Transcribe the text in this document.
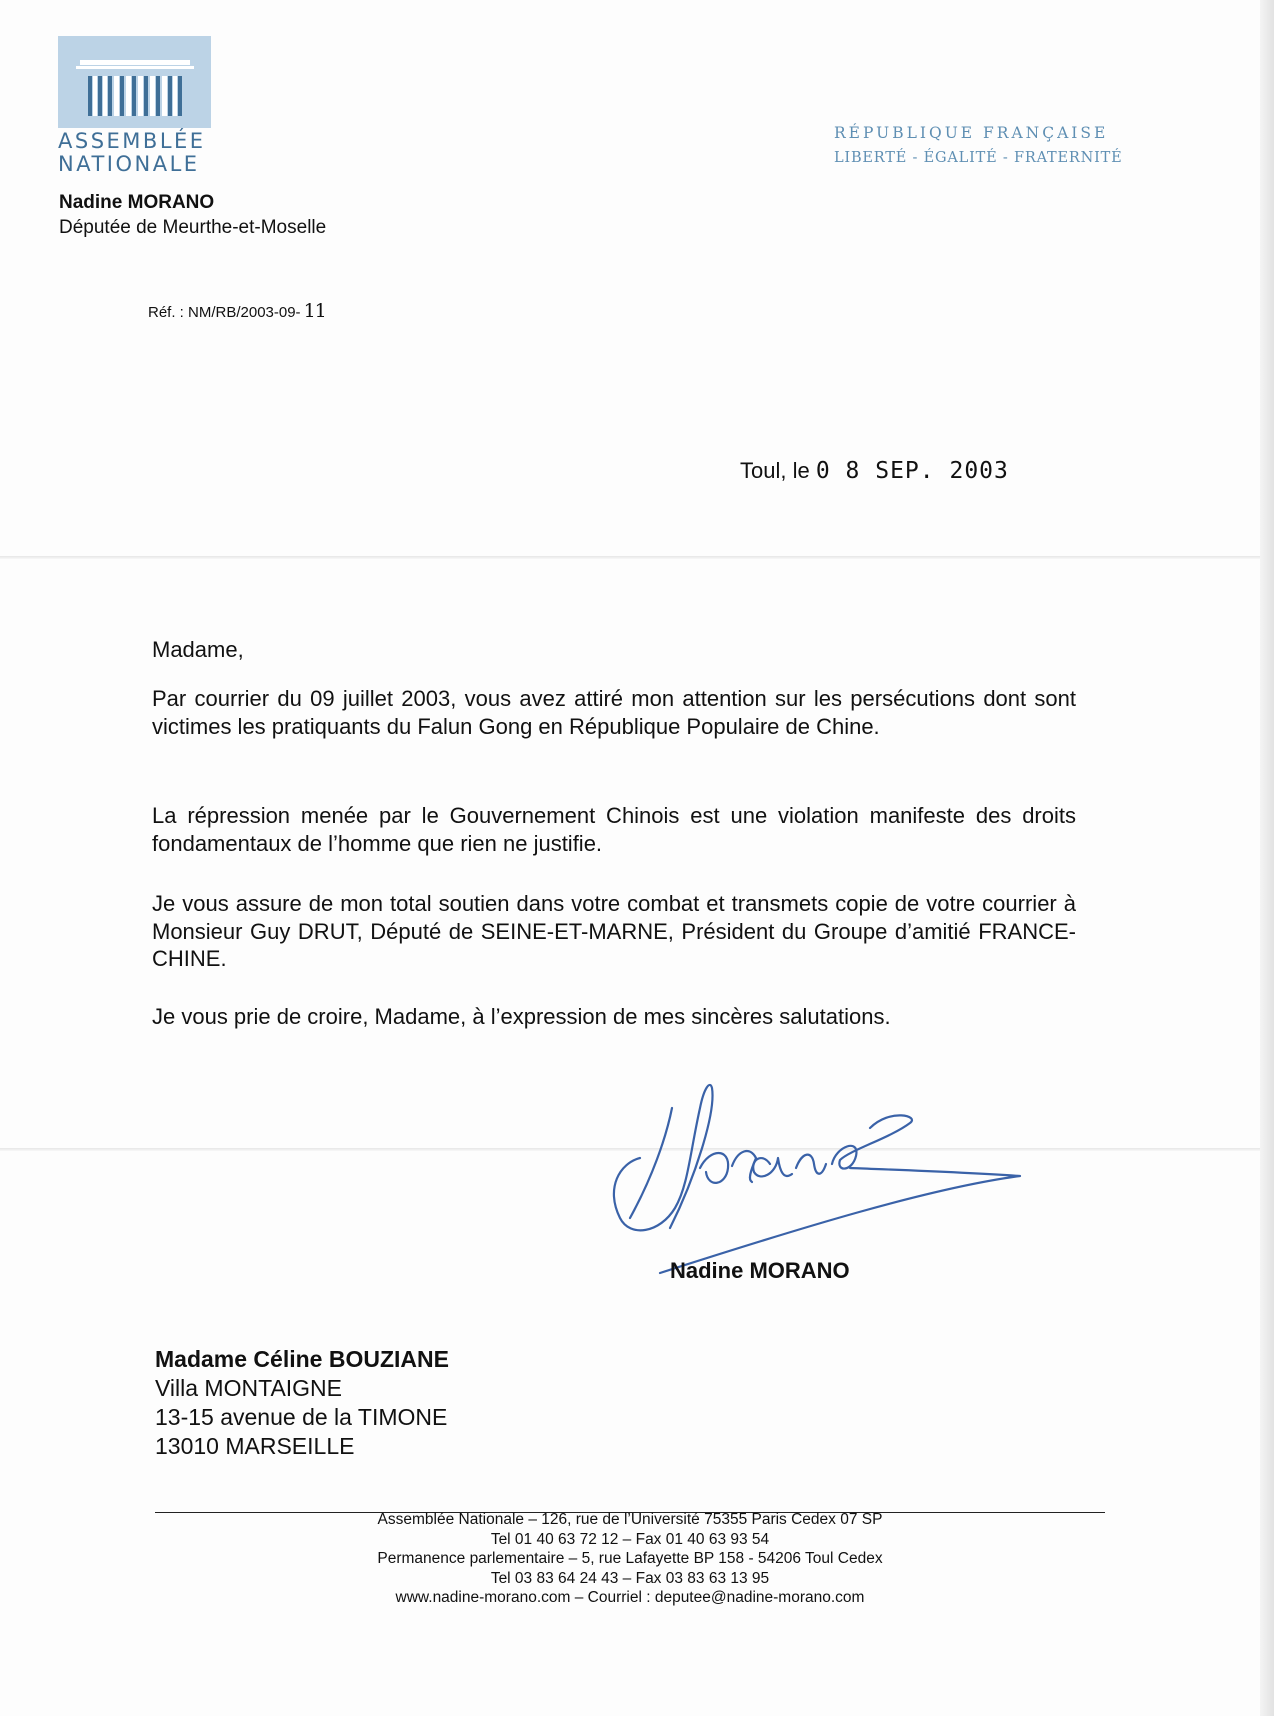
ASSEMBLÉE
NATIONALE
RÉPUBLIQUE FRANÇAISE
LIBERTÉ - ÉGALITÉ - FRATERNITÉ
Nadine MORANO
Députée de Meurthe-et-Moselle
Réf. : NM/RB/2003-09- 11
Toul, le 0 8 SEP. 2003
Madame,
Par courrier du 09 juillet 2003, vous avez attiré mon attention sur les persécutions dont sont victimes les pratiquants du Falun Gong en République Populaire de Chine.
La répression menée par le Gouvernement Chinois est une violation manifeste des droits fondamentaux de l’homme que rien ne justifie.
Je vous assure de mon total soutien dans votre combat et transmets copie de votre courrier à Monsieur Guy DRUT, Député de SEINE-ET-MARNE, Président du Groupe d’amitié FRANCE-CHINE.
Je vous prie de croire, Madame, à l’expression de mes sincères salutations.
Nadine MORANO
Madame Céline BOUZIANE
Villa MONTAIGNE
13-15 avenue de la TIMONE
13010 MARSEILLE
Assemblée Nationale – 126, rue de l’Université 75355 Paris Cedex 07 SP
Tel 01 40 63 72 12 – Fax 01 40 63 93 54
Permanence parlementaire – 5, rue Lafayette BP 158 - 54206 Toul Cedex
Tel 03 83 64 24 43 – Fax 03 83 63 13 95
www.nadine-morano.com – Courriel : deputee@nadine-morano.com
